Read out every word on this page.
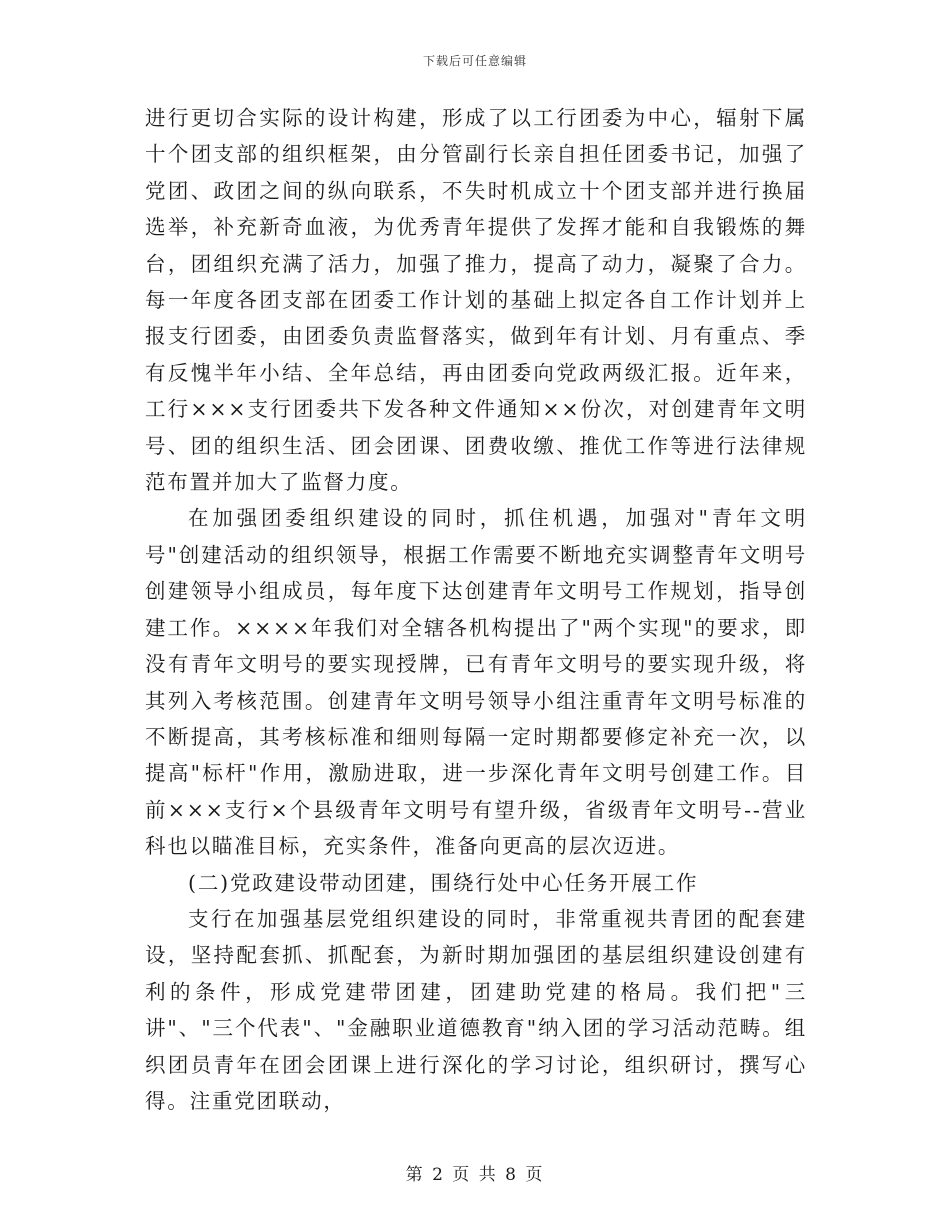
下载后可任意编辑

进行更切合实际的设计构建，形成了以工行团委为中心，辐射下属十个团支部的组织框架，由分管副行长亲自担任团委书记，加强了党团、政团之间的纵向联系，不失时机成立十个团支部并进行换届选举，补充新奇血液，为优秀青年提供了发挥才能和自我锻炼的舞台，团组织充满了活力，加强了推力，提高了动力，凝聚了合力。每一年度各团支部在团委工作计划的基础上拟定各自工作计划并上报支行团委，由团委负责监督落实，做到年有计划、月有重点、季有反愧半年小结、全年总结，再由团委向党政两级汇报。近年来，工行×××支行团委共下发各种文件通知××份次，对创建青年文明号、团的组织生活、团会团课、团费收缴、推优工作等进行法律规范布置并加大了监督力度。

在加强团委组织建设的同时，抓住机遇，加强对"青年文明号"创建活动的组织领导，根据工作需要不断地充实调整青年文明号创建领导小组成员，每年度下达创建青年文明号工作规划，指导创建工作。××××年我们对全辖各机构提出了"两个实现"的要求，即没有青年文明号的要实现授牌，已有青年文明号的要实现升级，将其列入考核范围。创建青年文明号领导小组注重青年文明号标准的不断提高，其考核标准和细则每隔一定时期都要修定补充一次，以提高"标杆"作用，激励进取，进一步深化青年文明号创建工作。目前×××支行×个县级青年文明号有望升级，省级青年文明号--营业科也以瞄准目标，充实条件，准备向更高的层次迈进。

(二)党政建设带动团建，围绕行处中心任务开展工作

支行在加强基层党组织建设的同时，非常重视共青团的配套建设，坚持配套抓、抓配套，为新时期加强团的基层组织建设创建有利的条件，形成党建带团建，团建助党建的格局。我们把"三讲"、"三个代表"、"金融职业道德教育"纳入团的学习活动范畴。组织团员青年在团会团课上进行深化的学习讨论，组织研讨，撰写心得。注重党团联动，

第 2 页 共 8 页
